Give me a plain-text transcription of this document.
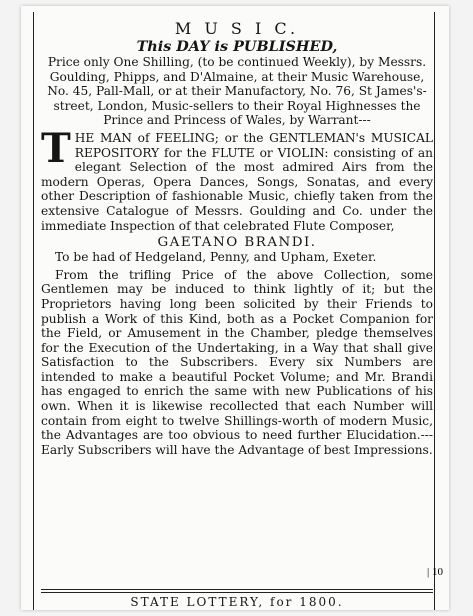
M U S I C.

This DAY is PUBLISHED,

Price only One Shilling, (to be continued Weekly), by Messrs. Goulding, Phipps, and D'Almaine, at their Music Warehouse, No. 45, Pall-Mall, or at their Manufactory, No. 76, St James's-street, London, Music-sellers to their Royal Highnesses the Prince and Princess of Wales, by Warrant---

T HE MAN of FEELING; or the GENTLEMAN's MUSICAL REPOSITORY for the FLUTE or VIOLIN: consisting of an elegant Selection of the most admired Airs from the modern Operas, Opera Dances, Songs, Sonatas, and every other Description of fashionable Music, chiefly taken from the extensive Catalogue of Messrs. Goulding and Co. under the immediate Inspection of that celebrated Flute Composer,

GAETANO BRANDI.

To be had of Hedgeland, Penny, and Upham, Exeter.

From the trifling Price of the above Collection, some Gentlemen may be induced to think lightly of it; but the Proprietors having long been solicited by their Friends to publish a Work of this Kind, both as a Pocket Companion for the Field, or Amusement in the Chamber, pledge themselves for the Execution of the Undertaking, in a Way that shall give Satisfaction to the Subscribers. Every six Numbers are intended to make a beautiful Pocket Volume; and Mr. Brandi has engaged to enrich the same with new Publications of his own. When it is likewise recollected that each Number will contain from eight to twelve Shillings-worth of modern Music, the Advantages are too obvious to need further Elucidation.---Early Subscribers will have the Advantage of best Impressions.

| 10
STATE LOTTERY, for 1800.
